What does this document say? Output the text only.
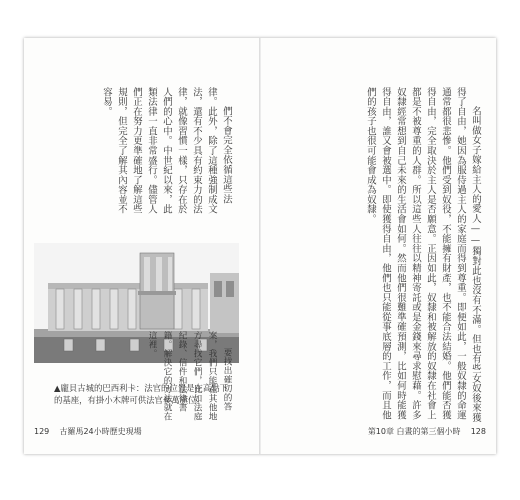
們不會完全依循這些法律。此外，除了這種強制成文法，還有不少具有約束力的法律，就像習慣一樣，只存在於人們的心中。中世紀以來，此類法律一直非常盛行。儘管人們正在努力更準確地了解這些規則，但完全了解其內容並不容易。

▲龐貝古城的巴西利卡：法官的位置是在高點下的基座，有掛小木牌可供法官參萬旗位。	要找出確切的答案，我們只能在其他地方尋找它們，比如法庭紀錄、信件和法律書籍。解決它的方法就在這裡。

129 古羅馬24小時歷史現場

名叫做女子嫁給主人的愛人——獨對此也沒有不滿。但也有些女奴後來獲得了自由，她因為服侍過主人的家庭而得到尊重。即便如此，一般奴隸的命運通常都很悲慘。他們受到奴役，不能擁有財產，也不能合法結婚。他們能否獲得自由，完全取決於主人是否願意。正因如此，奴隸和被解放的奴隸在社會上都是不被尊重的人群。所以這些人往往以精神寄託或是金錢來尋求慰藉。許多奴隸經常想到自己未來的生活會如何。然而他們很難準確預測，比如何時能獲得自由，誰又會被選中。即使獲得自由，他們也只能從事底層的工作，而且他們的孩子也很可能會成為奴隸。

第10章 白晝的第三個小時 128
